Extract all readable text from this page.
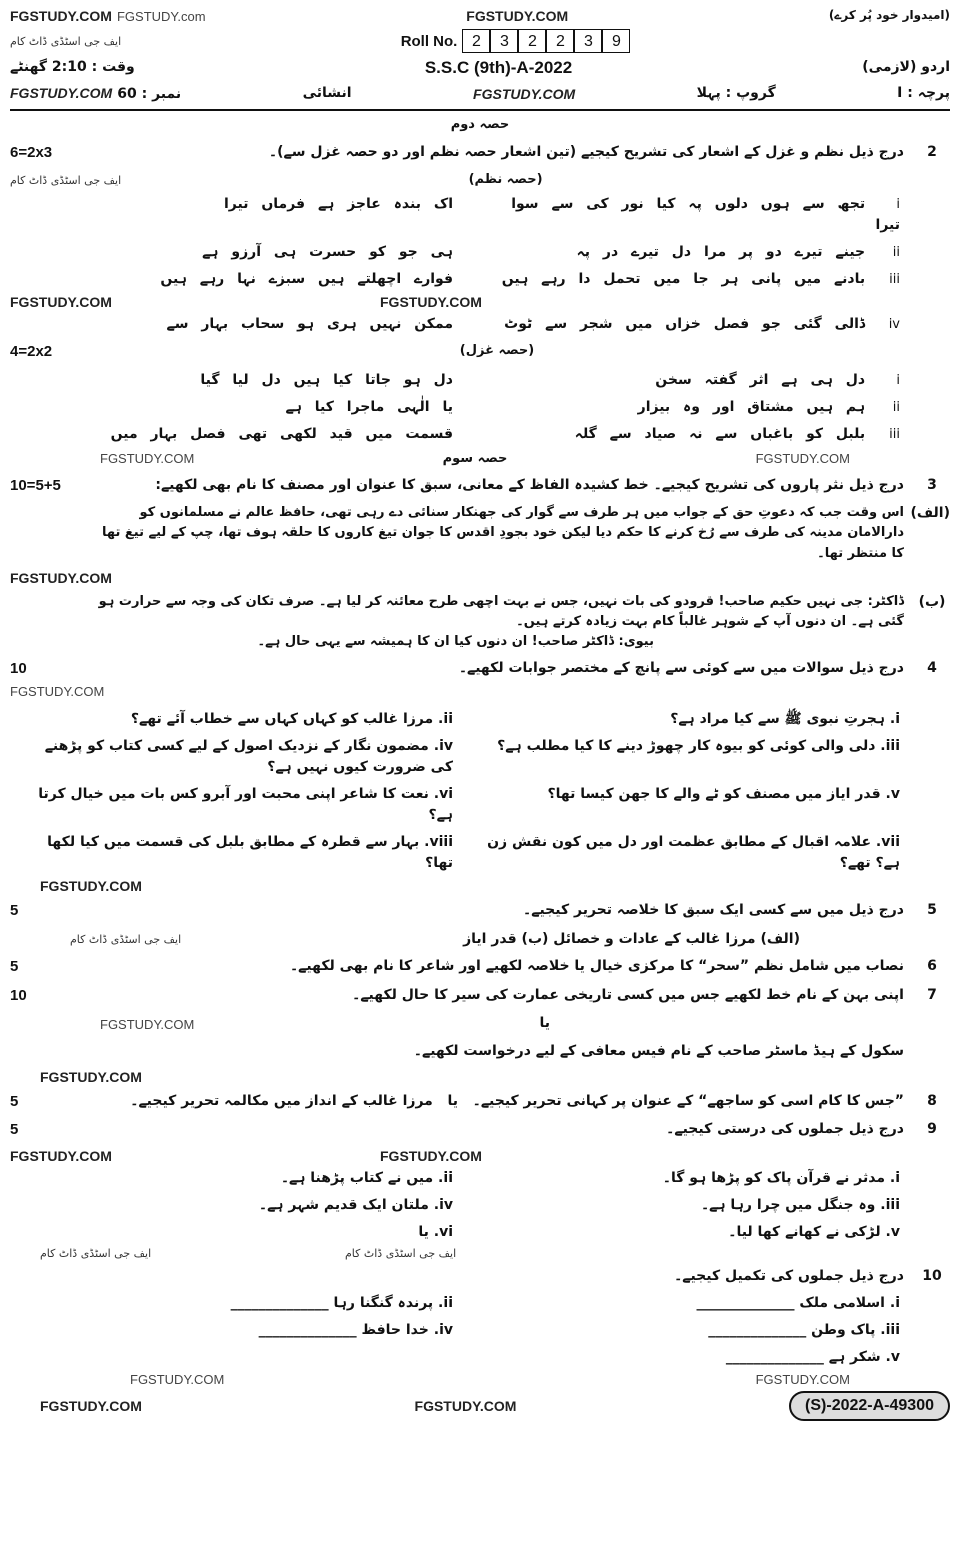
FGSTUDY.COM FGSTUDY.com	FGSTUDY.COM	(امیدوار خود پُر کرے)
ایف جی اسٹڈی ڈاٹ کام	Roll No. 2 3 2 2 3 9
وقت : 2:10 گھنٹے	S.S.C (9th)-A-2022	اردو (لازمی)
FGSTUDY.COM نمبر : 60	انشائی	FGSTUDY.COM	گروپ : پہلا	پرچہ : I
حصہ دوم
2
درج ذیل نظم و غزل کے اشعار کی تشریح کیجیے (تین اشعار حصہ نظم اور دو حصہ غزل سے)۔
6=2x3
ایف جی اسٹڈی ڈاٹ کام	(حصہ نظم)
i تجھ سے ہوں دلوں پہ کیا نور کی سے سوا تیرا
اک بندہ عاجز ہے فرماں تیرا
ii جینے تیرے دو پر مرا دل تیرے در پہ
ہی جو کو حسرت ہی آرزو ہے
iii بادنے میں پانی ہر جا میں تحمل دا رہے ہیں
فوارے اچھلتے ہیں سبزے نہا رہے ہیں
FGSTUDY.COM	FGSTUDY.COM
iv ڈالی گئی جو فصل خزاں میں شجر سے ٹوٹ
ممکن نہیں ہری ہو سحاب بہار سے
(حصہ غزل)
4=2x2
i دل ہی ہے اثر گفتہ سخن
دل ہو جاتا کیا ہیں دل لیا گیا
ii ہم ہیں مشتاق اور وہ بیزار
یا الٰہی ماجرا کیا ہے
iii بلبل کو باغباں سے نہ صیاد سے گلہ
قسمت میں قید لکھی تھی فصل بہار میں
FGSTUDY.COM	حصہ سوم	FGSTUDY.COM
3
درج ذیل نثر پاروں کی تشریح کیجیے۔ خط کشیدہ الفاظ کے معانی، سبق کا عنوان اور مصنف کا نام بھی لکھیے:
10=5+5
(الف)
اس وقت جب کہ دعوتِ حق کے جواب میں ہر طرف سے گوار کی جھنکار سنائی دے رہی تھی، حافظ عالم نے مسلمانوں کو دارالامان مدینہ کی طرف سے رُخ کرنے کا حکم دیا لیکن خود بجودِ اقدس کا جوان تیغ کاروں کا حلقہ ہوف تھا، چپ کے لیے تیغ تھا کا منتظر تھا۔
FGSTUDY.COM
(ب)
ڈاکٹر: جی نہیں حکیم صاحب! قرودو کی بات نہیں، جس نے بہت اچھی طرح معائنہ کر لیا ہے۔ صرف تکان کی وجہ سے حرارت ہو گئی ہے۔ ان دنوں آپ کے شوہر غالباً کام بہت زیادہ کرتے ہیں۔
بیوی: ڈاکٹر صاحب! ان دنوں کیا ان کا ہمیشہ سے یہی حال ہے۔
4
درج ذیل سوالات میں سے کوئی سے پانچ کے مختصر جوابات لکھیے۔
10 FGSTUDY.COM
i. ہجرتِ نبوی ﷺ سے کیا مراد ہے؟
ii. مرزا غالب کو کہاں کہاں سے خطاب آئے تھے؟
iii. دلی والی کوئی کو بیوہ کار چھوڑ دینے کا کیا مطلب ہے؟
iv. مضمون نگار کے نزدیک اصول کے لیے کسی کتاب کو پڑھنے کی ضرورت کیوں نہیں ہے؟
v. قدر ایاز میں مصنف کو ٹے والے کا جھن کیسا تھا؟
vi. نعت کا شاعر اپنی محبت اور آبرو کس بات میں خیال کرتا ہے؟
vii. علامہ اقبال کے مطابق عظمت اور دل میں کون نقش زن ہے؟ تھے؟
viii. بہار سے قطرہ کے مطابق بلبل کی قسمت میں کیا لکھا تھا؟
FGSTUDY.COM
5
درج ذیل میں سے کسی ایک سبق کا خلاصہ تحریر کیجیے۔
5
ایف جی اسٹڈی ڈاٹ کام	(الف) مرزا غالب کے عادات و خصائل (ب) قدر ایاز
6
نصاب میں شامل نظم ”سحر“ کا مرکزی خیال یا خلاصہ لکھیے اور شاعر کا نام بھی لکھیے۔
5
7
اپنی بہن کے نام خط لکھیے جس میں کسی تاریخی عمارت کی سیر کا حال لکھیے۔
10
FGSTUDY.COM	یا
سکول کے ہیڈ ماسٹر صاحب کے نام فیس معافی کے لیے درخواست لکھیے۔
FGSTUDY.COM
8
”جس کا کام اسی کو ساجھے“ کے عنوان پر کہانی تحریر کیجیے۔   یا   مرزا غالب کے انداز میں مکالمہ تحریر کیجیے۔
5
9
درج ذیل جملوں کی درستی کیجیے۔
5
FGSTUDY.COM	FGSTUDY.COM
i. مدثر نے قرآن پاک کو پڑھا ہو گا۔
ii. میں نے کتاب پڑھنا ہے۔
iii. وہ جنگل میں چرا رہا ہے۔
iv. ملتان ایک قدیم شہر ہے۔
v. لڑکی نے کھانے کھا لیا۔
vi. یا
ایف جی اسٹڈی ڈاٹ کام	ایف جی اسٹڈی ڈاٹ کام
10
درج ذیل جملوں کی تکمیل کیجیے۔
i. اسلامی ملک ______________
ii. پرندہ گنگنا رہا ______________
iii. پاک وطن ______________
iv. خدا حافظ ______________
v. شکر ہے ______________
FGSTUDY.COM	FGSTUDY.COM
FGSTUDY.COM	FGSTUDY.COM	(S)-2022-A-49300
